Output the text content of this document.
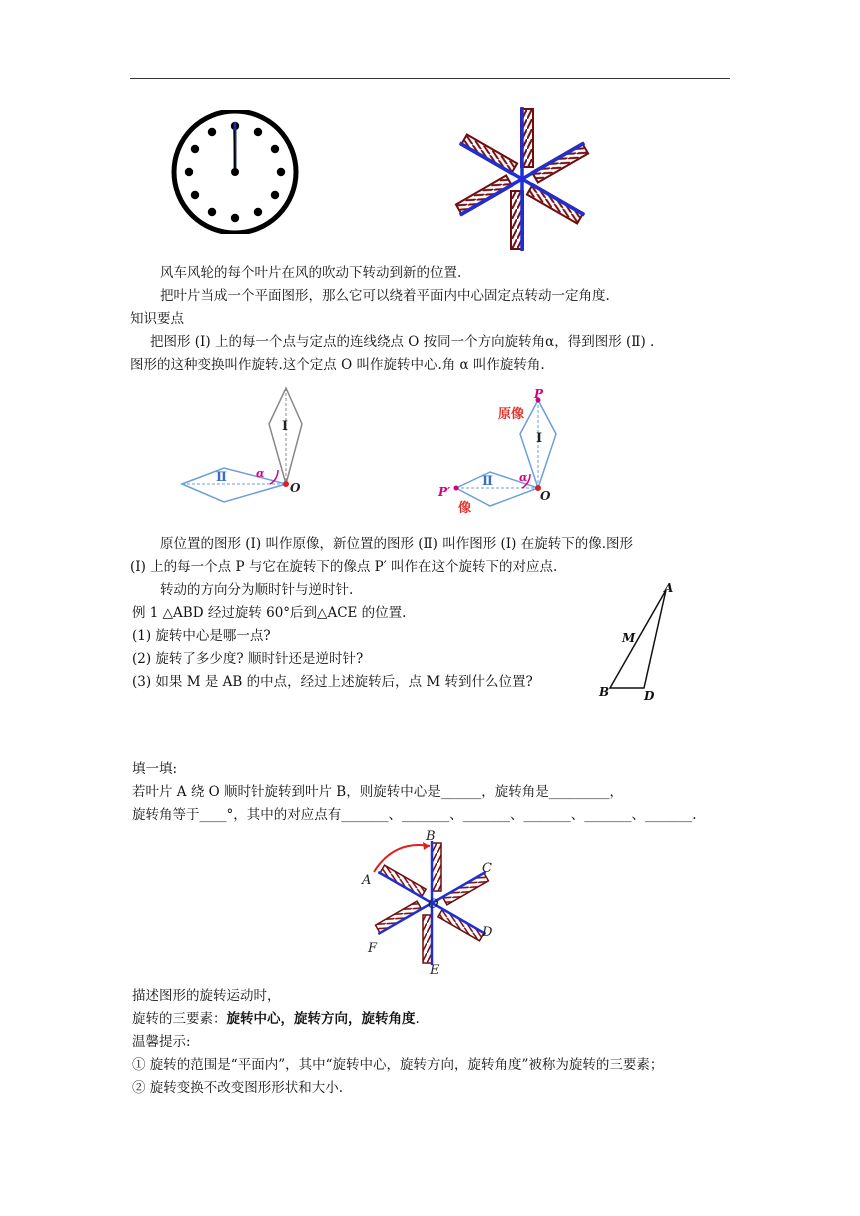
风车风轮的每个叶片在风的吹动下转动到新的位置.
把叶片当成一个平面图形，那么它可以绕着平面内中心固定点转动一定角度.
知识要点
把图形 (Ⅰ) 上的每一个点与定点的连线绕点 O 按同一个方向旋转角α，得到图形 (Ⅱ) .
图形的这种变换叫作旋转.这个定点 O 叫作旋转中心.角 α 叫作旋转角.
Ⅰ
Ⅱ	α
O
P
原像
Ⅰ
Ⅱ α
O
P′
像
原位置的图形 (Ⅰ) 叫作原像，新位置的图形 (Ⅱ) 叫作图形 (Ⅰ) 在旋转下的像.图形
(Ⅰ) 上的每一个点 P 与它在旋转下的像点 P′ 叫作在这个旋转下的对应点.
转动的方向分为顺时针与逆时针.
例 1 △ABD 经过旋转 60°后到△ACE 的位置.
(1) 旋转中心是哪一点?
(2) 旋转了多少度? 顺时针还是逆时针?
(3) 如果 M 是 AB 的中点，经过上述旋转后，点 M 转到什么位置?
A
M
B	D
填一填:
若叶片 A 绕 O 顺时针旋转到叶片 B，则旋转中心是______，旋转角是_________，
旋转角等于____°，其中的对应点有_______、_______、_______、_______、_______、_______.
B
C
A
O
D
F
E
描述图形的旋转运动时，
旋转的三要素：旋转中心，旋转方向，旋转角度.
温馨提示:
① 旋转的范围是“平面内”，其中“旋转中心，旋转方向，旋转角度”被称为旋转的三要素；
② 旋转变换不改变图形形状和大小.
